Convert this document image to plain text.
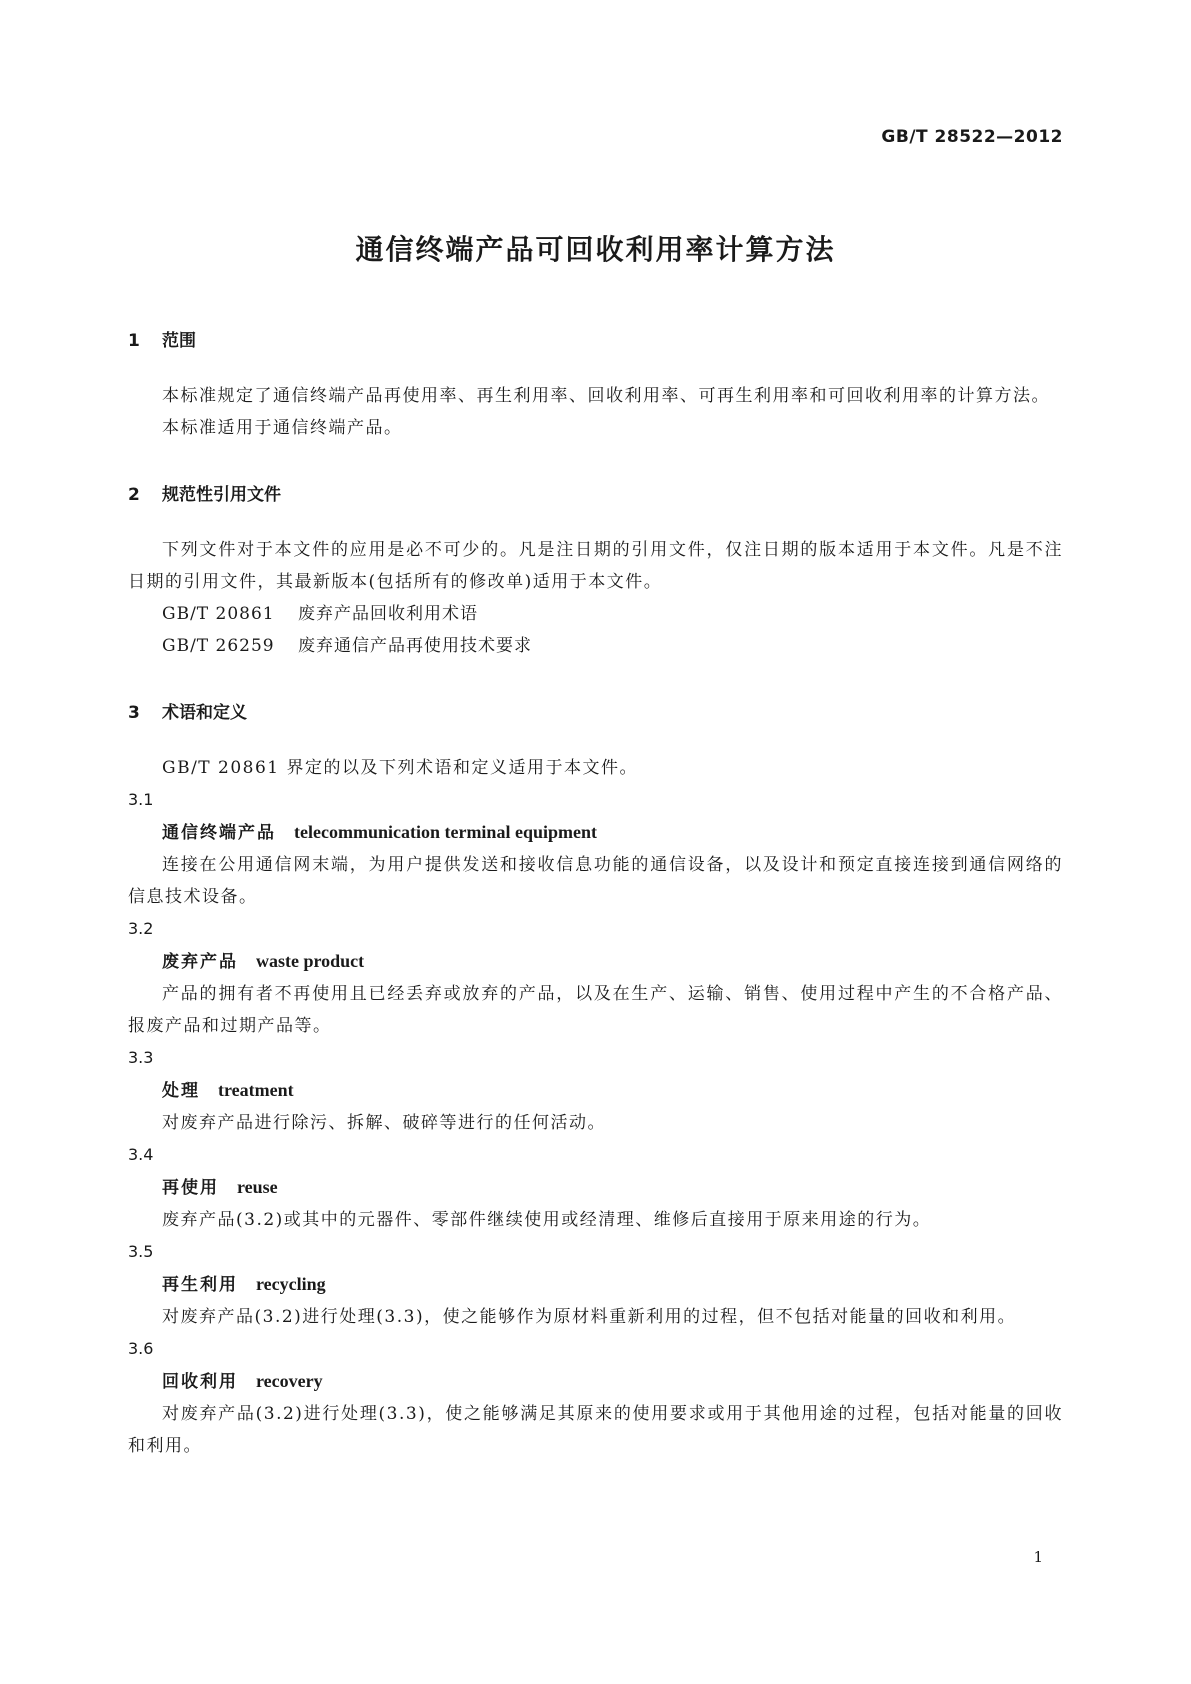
GB/T 28522—2012
通信终端产品可回收利用率计算方法
1 范围
本标准规定了通信终端产品再使用率、再生利用率、回收利用率、可再生利用率和可回收利用率的计算方法。
本标准适用于通信终端产品。
2 规范性引用文件
下列文件对于本文件的应用是必不可少的。凡是注日期的引用文件，仅注日期的版本适用于本文件。凡是不注日期的引用文件，其最新版本(包括所有的修改单)适用于本文件。
GB/T 20861 废弃产品回收利用术语
GB/T 26259 废弃通信产品再使用技术要求
3 术语和定义
GB/T 20861 界定的以及下列术语和定义适用于本文件。
3.1
通信终端产品 telecommunication terminal equipment
连接在公用通信网末端，为用户提供发送和接收信息功能的通信设备，以及设计和预定直接连接到通信网络的信息技术设备。
3.2
废弃产品 waste product
产品的拥有者不再使用且已经丢弃或放弃的产品，以及在生产、运输、销售、使用过程中产生的不合格产品、报废产品和过期产品等。
3.3
处理 treatment
对废弃产品进行除污、拆解、破碎等进行的任何活动。
3.4
再使用 reuse
废弃产品(3.2)或其中的元器件、零部件继续使用或经清理、维修后直接用于原来用途的行为。
3.5
再生利用 recycling
对废弃产品(3.2)进行处理(3.3)，使之能够作为原材料重新利用的过程，但不包括对能量的回收和利用。
3.6
回收利用 recovery
对废弃产品(3.2)进行处理(3.3)，使之能够满足其原来的使用要求或用于其他用途的过程，包括对能量的回收和利用。
1
